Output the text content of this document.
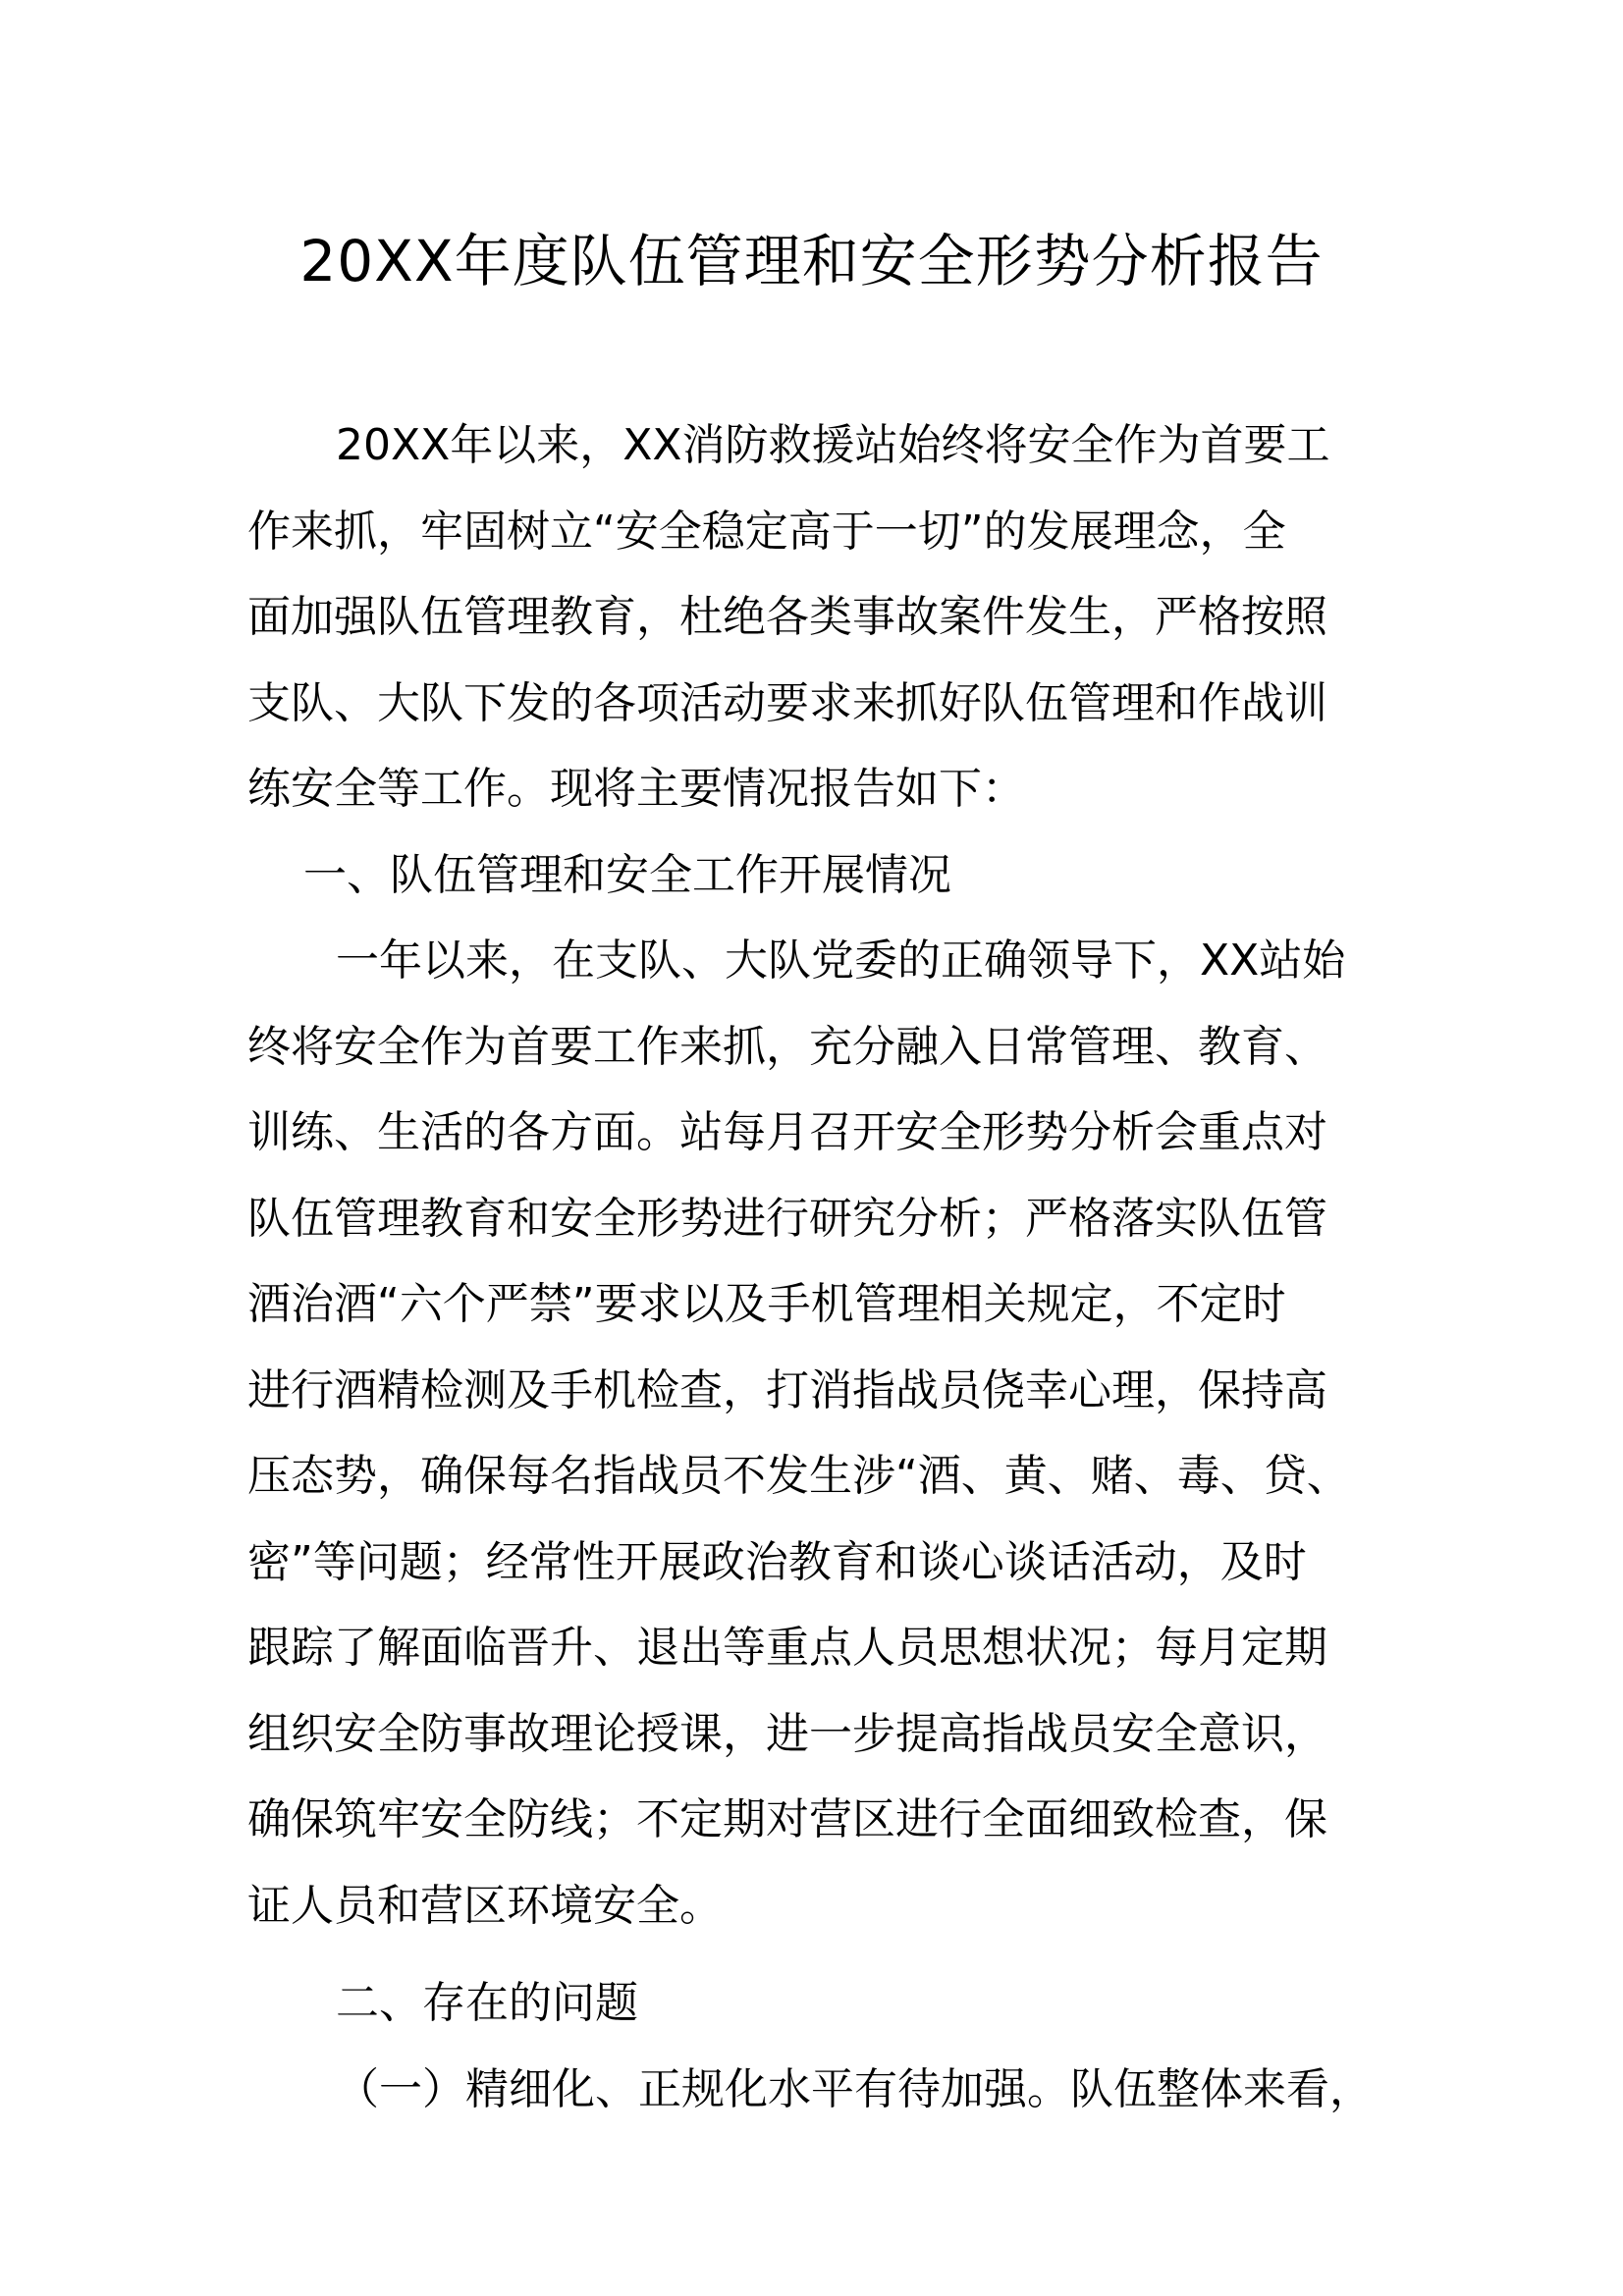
20XX年度队伍管理和安全形势分析报告

20XX年以来，XX消防救援站始终将安全作为首要工

作来抓，牢固树立“安全稳定高于一切”的发展理念，全

面加强队伍管理教育，杜绝各类事故案件发生，严格按照

支队、大队下发的各项活动要求来抓好队伍管理和作战训

练安全等工作。现将主要情况报告如下：

一、队伍管理和安全工作开展情况

一年以来，在支队、大队党委的正确领导下，XX站始

终将安全作为首要工作来抓，充分融入日常管理、教育、

训练、生活的各方面。站每月召开安全形势分析会重点对

队伍管理教育和安全形势进行研究分析；严格落实队伍管

酒治酒“六个严禁”要求以及手机管理相关规定，不定时

进行酒精检测及手机检查，打消指战员侥幸心理，保持高

压态势，确保每名指战员不发生涉“酒、黄、赌、毒、贷、

密”等问题；经常性开展政治教育和谈心谈话活动，及时

跟踪了解面临晋升、退出等重点人员思想状况；每月定期

组织安全防事故理论授课，进一步提高指战员安全意识，

确保筑牢安全防线；不定期对营区进行全面细致检查，保

证人员和营区环境安全。

二、存在的问题

（一）精细化、正规化水平有待加强。队伍整体来看，
